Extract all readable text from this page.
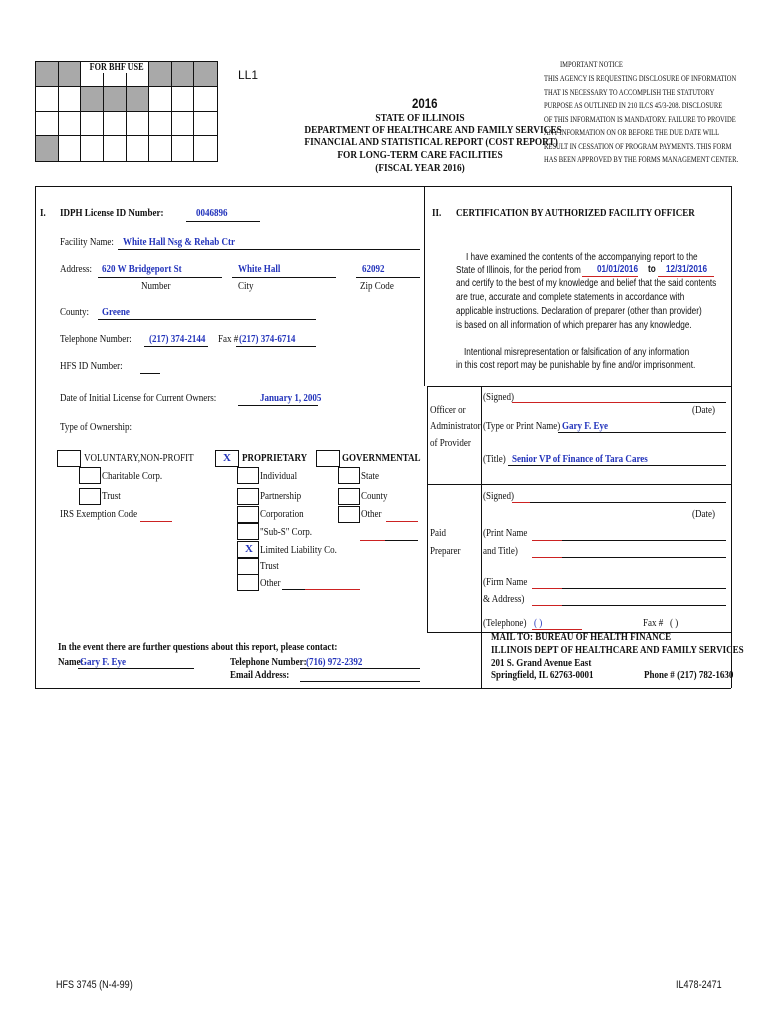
FOR BHF USE
LL1
2016
STATE OF ILLINOIS
DEPARTMENT OF HEALTHCARE AND FAMILY SERVICES
FINANCIAL AND STATISTICAL REPORT (COST REPORT)
FOR LONG-TERM CARE FACILITIES
(FISCAL YEAR 2016)
IMPORTANT NOTICE
THIS AGENCY IS REQUESTING DISCLOSURE OF INFORMATION
THAT IS NECESSARY TO ACCOMPLISH THE STATUTORY
PURPOSE AS OUTLINED IN 210 ILCS 45/3-208. DISCLOSURE
OF THIS INFORMATION IS MANDATORY. FAILURE TO PROVIDE
ANY INFORMATION ON OR BEFORE THE DUE DATE WILL
RESULT IN CESSATION OF PROGRAM PAYMENTS. THIS FORM
HAS BEEN APPROVED BY THE FORMS MANAGEMENT CENTER.
I. IDPH License ID Number:	0046896
Facility Name: White Hall Nsg & Rehab Ctr
Address: 620 W Bridgeport St	White Hall	62092
Number	City	Zip Code
County: Greene
Telephone Number: (217) 374-2144 Fax # (217) 374-6714
HFS ID Number:
Date of Initial License for Current Owners:	January 1, 2005
Type of Ownership:
VOLUNTARY,NON-PROFIT
Charitable Corp.
Trust
IRS Exemption Code
X PROPRIETARY
Individual
Partnership
Corporation
"Sub-S" Corp.
X Limited Liability Co.
Trust
Other
GOVERNMENTAL
State
County
Other
In the event there are further questions about this report, please contact:
Name:
Gary F. Eye	Telephone Number: (716) 972-2392
Email Address:
II. CERTIFICATION BY AUTHORIZED FACILITY OFFICER
I have examined the contents of the accompanying report to the
State of Illinois, for the period from 01/01/2016 to 12/31/2016
and certify to the best of my knowledge and belief that the said contents
are true, accurate and complete statements in accordance with
applicable instructions. Declaration of preparer (other than provider)
is based on all information of which preparer has any knowledge.
Intentional misrepresentation or falsification of any information
in this cost report may be punishable by fine and/or imprisonment.
Officer or
Administrator
of Provider
(Signed)
(Date)
(Type or Print Name) Gary F. Eye
(Title) Senior VP of Finance of Tara Cares
Paid
Preparer
(Signed)
(Date)
(Print Name
and Title)
(Firm Name
& Address)
(Telephone) ( )	Fax # ( )
MAIL TO: BUREAU OF HEALTH FINANCE
ILLINOIS DEPT OF HEALTHCARE AND FAMILY SERVICES
201 S. Grand Avenue East
Springfield, IL 62763-0001	Phone # (217) 782-1630
HFS 3745 (N-4-99)	IL478-2471
